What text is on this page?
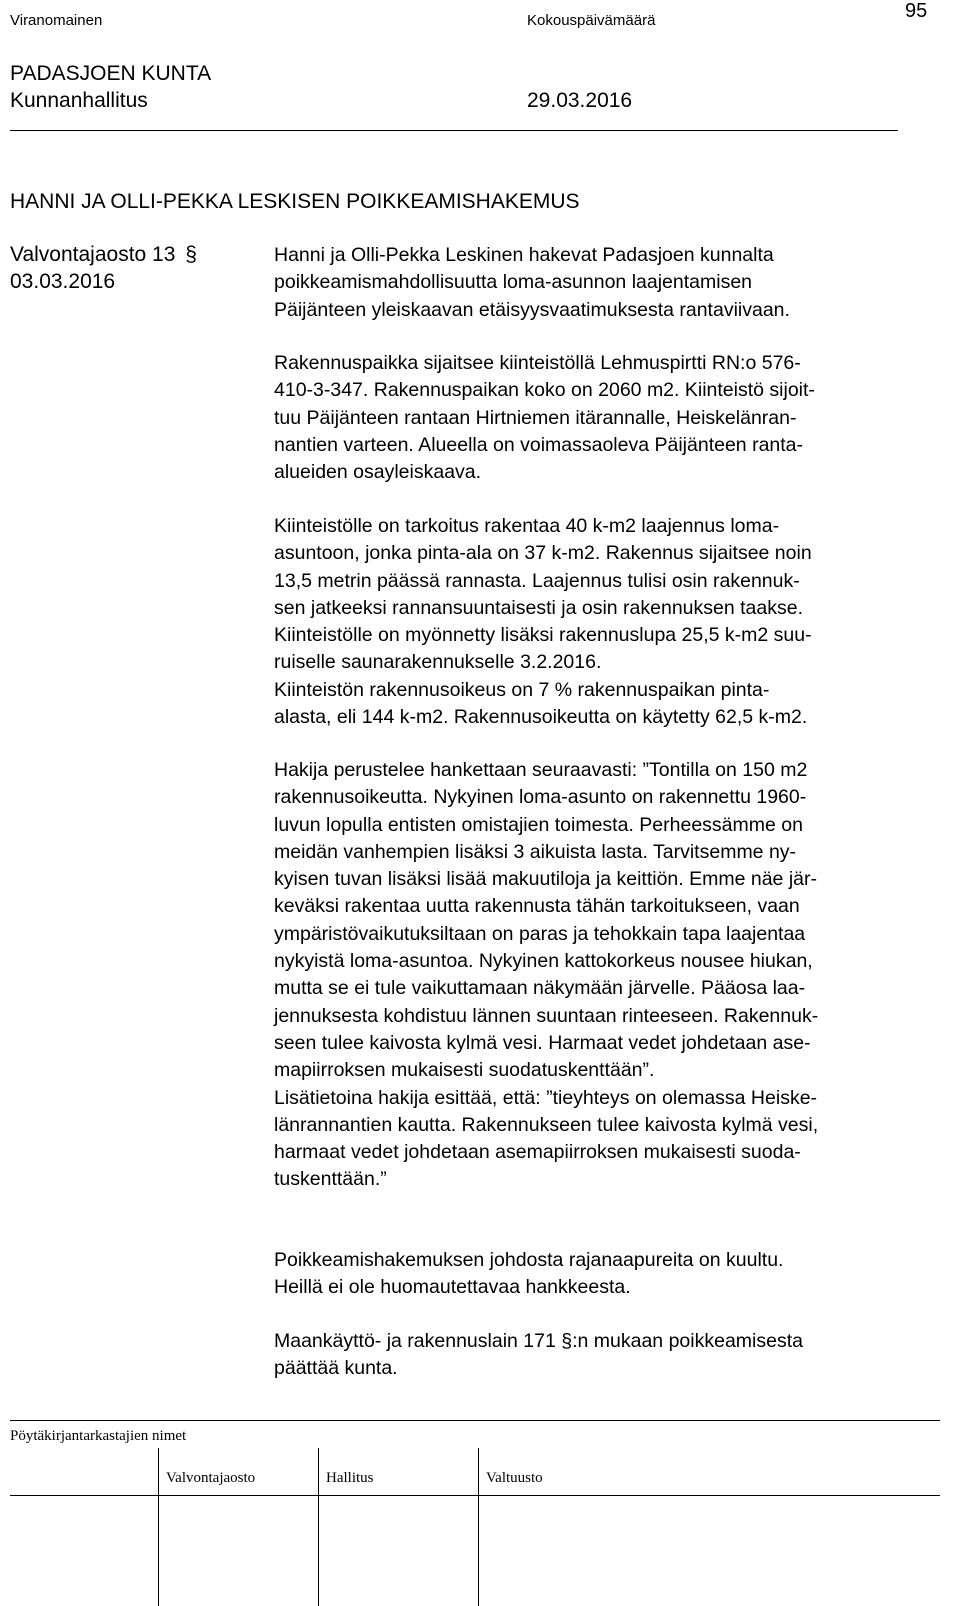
Viranomainen	Kokouspäivämäärä	95
PADASJOEN KUNTA
Kunnanhallitus	29.03.2016
HANNI JA OLLI-PEKKA LESKISEN POIKKEAMISHAKEMUS
Valvontajaosto 13 §
03.03.2016
Hanni ja Olli-Pekka Leskinen hakevat Padasjoen kunnalta
poikkeamismahdollisuutta loma-asunnon laajentamisen
Päijänteen yleiskaavan etäisyysvaatimuksesta rantaviivaan.
Rakennuspaikka sijaitsee kiinteistöllä Lehmuspirtti RN:o 576-
410-3-347. Rakennuspaikan koko on 2060 m2. Kiinteistö sijoit-
tuu Päijänteen rantaan Hirtniemen itärannalle, Heiskelänran-
nantien varteen. Alueella on voimassaoleva Päijänteen ranta-
alueiden osayleiskaava.
Kiinteistölle on tarkoitus rakentaa 40 k-m2 laajennus loma-
asuntoon, jonka pinta-ala on 37 k-m2. Rakennus sijaitsee noin
13,5 metrin päässä rannasta. Laajennus tulisi osin rakennuk-
sen jatkeeksi rannansuuntaisesti ja osin rakennuksen taakse.
Kiinteistölle on myönnetty lisäksi rakennuslupa 25,5 k-m2 suu-
ruiselle saunarakennukselle 3.2.2016.
Kiinteistön rakennusoikeus on 7 % rakennuspaikan pinta-
alasta, eli 144 k-m2. Rakennusoikeutta on käytetty 62,5 k-m2.
Hakija perustelee hankettaan seuraavasti: ”Tontilla on 150 m2
rakennusoikeutta. Nykyinen loma-asunto on rakennettu 1960-
luvun lopulla entisten omistajien toimesta. Perheessämme on
meidän vanhempien lisäksi 3 aikuista lasta. Tarvitsemme ny-
kyisen tuvan lisäksi lisää makuutiloja ja keittiön. Emme näe jär-
keväksi rakentaa uutta rakennusta tähän tarkoitukseen, vaan
ympäristövaikutuksiltaan on paras ja tehokkain tapa laajentaa
nykyistä loma-asuntoa. Nykyinen kattokorkeus nousee hiukan,
mutta se ei tule vaikuttamaan näkymään järvelle. Pääosa laa-
jennuksesta kohdistuu lännen suuntaan rinteeseen. Rakennuk-
seen tulee kaivosta kylmä vesi. Harmaat vedet johdetaan ase-
mapiirroksen mukaisesti suodatuskenttään”.
Lisätietoina hakija esittää, että: ”tieyhteys on olemassa Heiske-
länrannantien kautta. Rakennukseen tulee kaivosta kylmä vesi,
harmaat vedet johdetaan asemapiirroksen mukaisesti suoda-
tuskenttään.”
Poikkeamishakemuksen johdosta rajanaapureita on kuultu.
Heillä ei ole huomautettavaa hankkeesta.
Maankäyttö- ja rakennuslain 171 §:n mukaan poikkeamisesta
päättää kunta.
Pöytäkirjantarkastajien nimet
Valvontajaosto	Hallitus	Valtuusto
